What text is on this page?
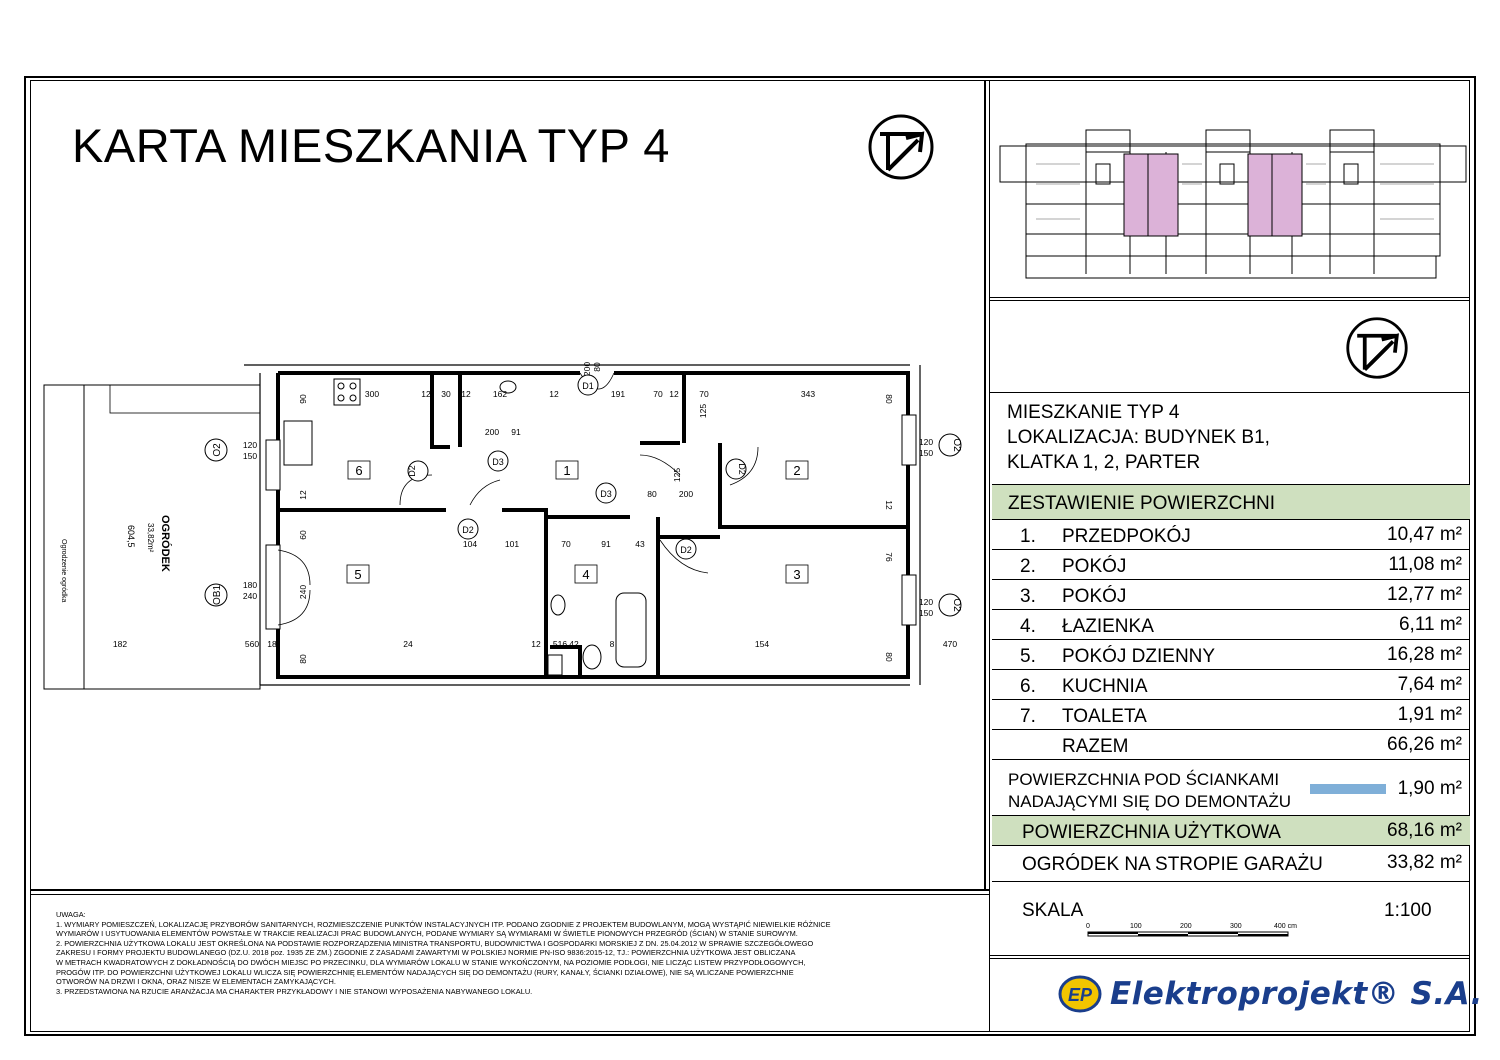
KARTA MIESZKANIA TYP 4
OGRÓDEK
33,82m²
604,5
Ogrodzenie ogródka
6	1	2
5	4	3
O2	O2
O2
OB1
D1
D2
D2
D2
D2
D3
D3
300	12 30 12	162	12	191	70 12 70	343
200 91
80	200
101	70	91	43
104
182	560 18	24	12 516 42	8	154	470
180
240
120
150
120
150
120
150
90
12
60
240
80
12
76
80
80
125
125
200 80
MIESZKANIE TYP 4
LOKALIZACJA: BUDYNEK B1,
KLATKA 1, 2, PARTER
ZESTAWIENIE POWIERZCHNI
1. PRZEDPOKÓJ	10,47 m²
2. POKÓJ	11,08 m²
3. POKÓJ	12,77 m²
4. ŁAZIENKA	6,11 m²
5. POKÓJ DZIENNY	16,28 m²
6. KUCHNIA	7,64 m²
7. TOALETA	1,91 m²
RAZEM	66,26 m²
POWIERZCHNIA POD ŚCIANKAMI
NADAJĄCYMI SIĘ DO DEMONTAŻU
1,90 m²
POWIERZCHNIA UŻYTKOWA	68,16 m²
OGRÓDEK NA STROPIE GARAŻU	33,82 m²
SKALA	1:100
0	100	200	300	400 cm
UWAGA:
1. WYMIARY POMIESZCZEŃ, LOKALIZACJĘ PRZYBORÓW SANITARNYCH, ROZMIESZCZENIE PUNKTÓW INSTALACYJNYCH ITP. PODANO ZGODNIE Z PROJEKTEM BUDOWLANYM, MOGĄ WYSTĄPIĆ NIEWIELKIE RÓŻNICE
WYMIARÓW I USYTUOWANIA ELEMENTÓW POWSTAŁE W TRAKCIE REALIZACJI PRAC BUDOWLANYCH, PODANE WYMIARY SĄ WYMIARAMI W ŚWIETLE PIONOWYCH PRZEGRÓD (ŚCIAN) W STANIE SUROWYM.
2. POWIERZCHNIA UŻYTKOWA LOKALU JEST OKREŚLONA NA PODSTAWIE ROZPORZĄDZENIA MINISTRA TRANSPORTU, BUDOWNICTWA I GOSPODARKI MORSKIEJ Z DN. 25.04.2012 W SPRAWIE SZCZEGÓŁOWEGO
ZAKRESU I FORMY PROJEKTU BUDOWLANEGO (DZ.U. 2018 poz. 1935 ZE ZM.) ZGODNIE Z ZASADAMI ZAWARTYMI W POLSKIEJ NORMIE PN-ISO 9836:2015-12, TJ.: POWIERZCHNIA UŻYTKOWA JEST OBLICZANA
W METRACH KWADRATOWYCH Z DOKŁADNOŚCIĄ DO DWÓCH MIEJSC PO PRZECINKU, DLA WYMIARÓW LOKALU W STANIE WYKOŃCZONYM, NA POZIOMIE PODŁOGI, NIE LICZĄC LISTEW PRZYPODŁOGOWYCH,
PROGÓW ITP. DO POWIERZCHNI UŻYTKOWEJ LOKALU WLICZA SIĘ POWIERZCHNIĘ ELEMENTÓW NADAJĄCYCH SIĘ DO DEMONTAŻU (RURY, KANAŁY, ŚCIANKI DZIAŁOWE), NIE SĄ WLICZANE POWIERZCHNIE
OTWORÓW NA DRZWI I OKNA, ORAZ NISZE W ELEMENTACH ZAMYKAJĄCYCH.
3. PRZEDSTAWIONA NA RZUCIE ARANŻACJA MA CHARAKTER PRZYKŁADOWY I NIE STANOWI WYPOSAŻENIA NABYWANEGO LOKALU.	EP Elektroprojekt® S.A.
